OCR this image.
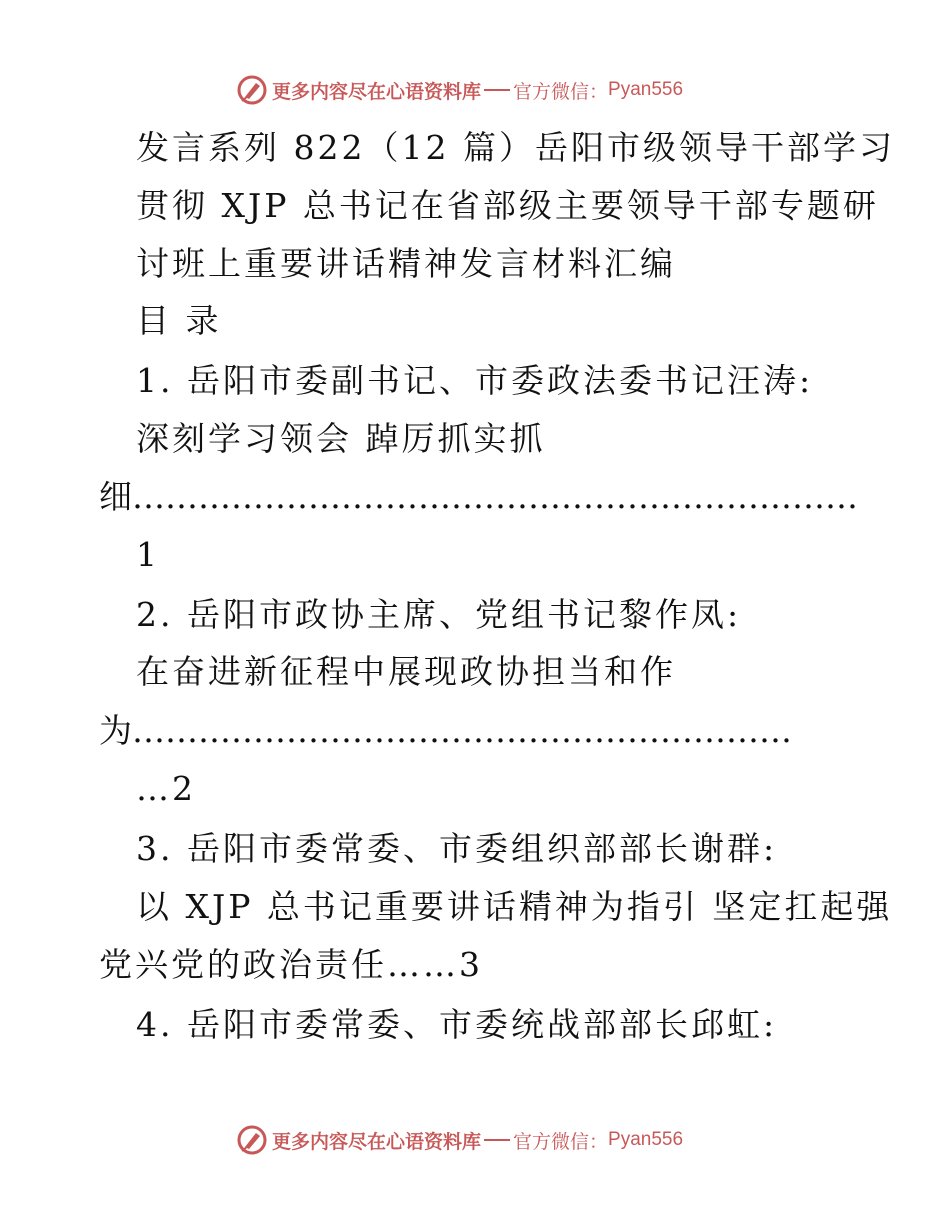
更多内容尽在心语资料库 官方微信： Pyan556
发言系列 822（12 篇）岳阳市级领导干部学习
贯彻 XJP 总书记在省部级主要领导干部专题研
讨班上重要讲话精神发言材料汇编
目 录
1. 岳阳市委副书记、市委政法委书记汪涛:
深刻学习领会 踔厉抓实抓
细…………………………………………………………
1
2. 岳阳市政协主席、党组书记黎作凤:
在奋进新征程中展现政协担当和作
为……………………………………………………
…2
3. 岳阳市委常委、市委组织部部长谢群:
以 XJP 总书记重要讲话精神为指引 坚定扛起强
党兴党的政治责任……3
4. 岳阳市委常委、市委统战部部长邱虹:
更多内容尽在心语资料库 官方微信： Pyan556
